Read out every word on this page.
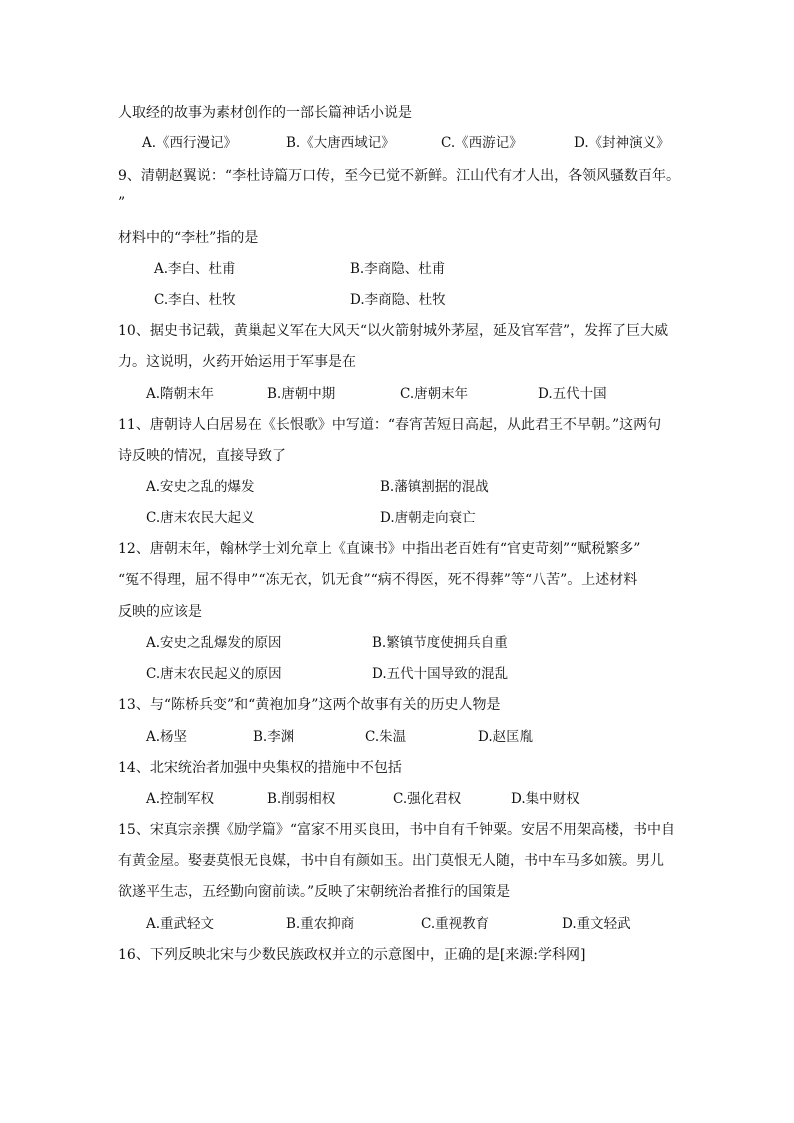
人取经的故事为素材创作的一部长篇神话小说是
A.《西行漫记》	B.《大唐西域记》	C.《西游记》	D.《封神演义》
9、清朝赵翼说：“李杜诗篇万口传，至今已觉不新鲜。江山代有才人出，各领风骚数百年。
”
材料中的“李杜”指的是
A.李白、杜甫	B.李商隐、杜甫
C.李白、杜牧	D.李商隐、杜牧
10、据史书记载，黄巢起义军在大风天“以火箭射城外茅屋，延及官军营”，发挥了巨大威
力。这说明，火药开始运用于军事是在
A.隋朝末年	B.唐朝中期	C.唐朝末年	D.五代十国
11、唐朝诗人白居易在《长恨歌》中写道：“春宵苦短日高起，从此君王不早朝。”这两句
诗反映的情况，直接导致了
A.安史之乱的爆发	B.藩镇割据的混战
C.唐末农民大起义	D.唐朝走向衰亡
12、唐朝末年，翰林学士刘允章上《直谏书》中指出老百姓有“官吏苛刻”“赋税繁多”
“冤不得理，屈不得申”“冻无衣，饥无食”“病不得医，死不得葬”等“八苦”。上述材料
反映的应该是
A.安史之乱爆发的原因	B.繁镇节度使拥兵自重
C.唐末农民起义的原因	D.五代十国导致的混乱
13、与“陈桥兵变”和“黄袍加身”这两个故事有关的历史人物是
A.杨坚	B.李渊	C.朱温	D.赵匡胤
14、北宋统治者加强中央集权的措施中不包括
A.控制军权	B.削弱相权	C.强化君权	D.集中财权
15、宋真宗亲撰《励学篇》“富家不用买良田，书中自有千钟粟。安居不用架高楼，书中自
有黄金屋。娶妻莫恨无良媒，书中自有颜如玉。出门莫恨无人随，书中车马多如簇。男儿
欲遂平生志，五经勤向窗前读。”反映了宋朝统治者推行的国策是
A.重武轻文	B.重农抑商	C.重视教育	D.重文轻武
16、下列反映北宋与少数民族政权并立的示意图中，正确的是[来源:学科网]
